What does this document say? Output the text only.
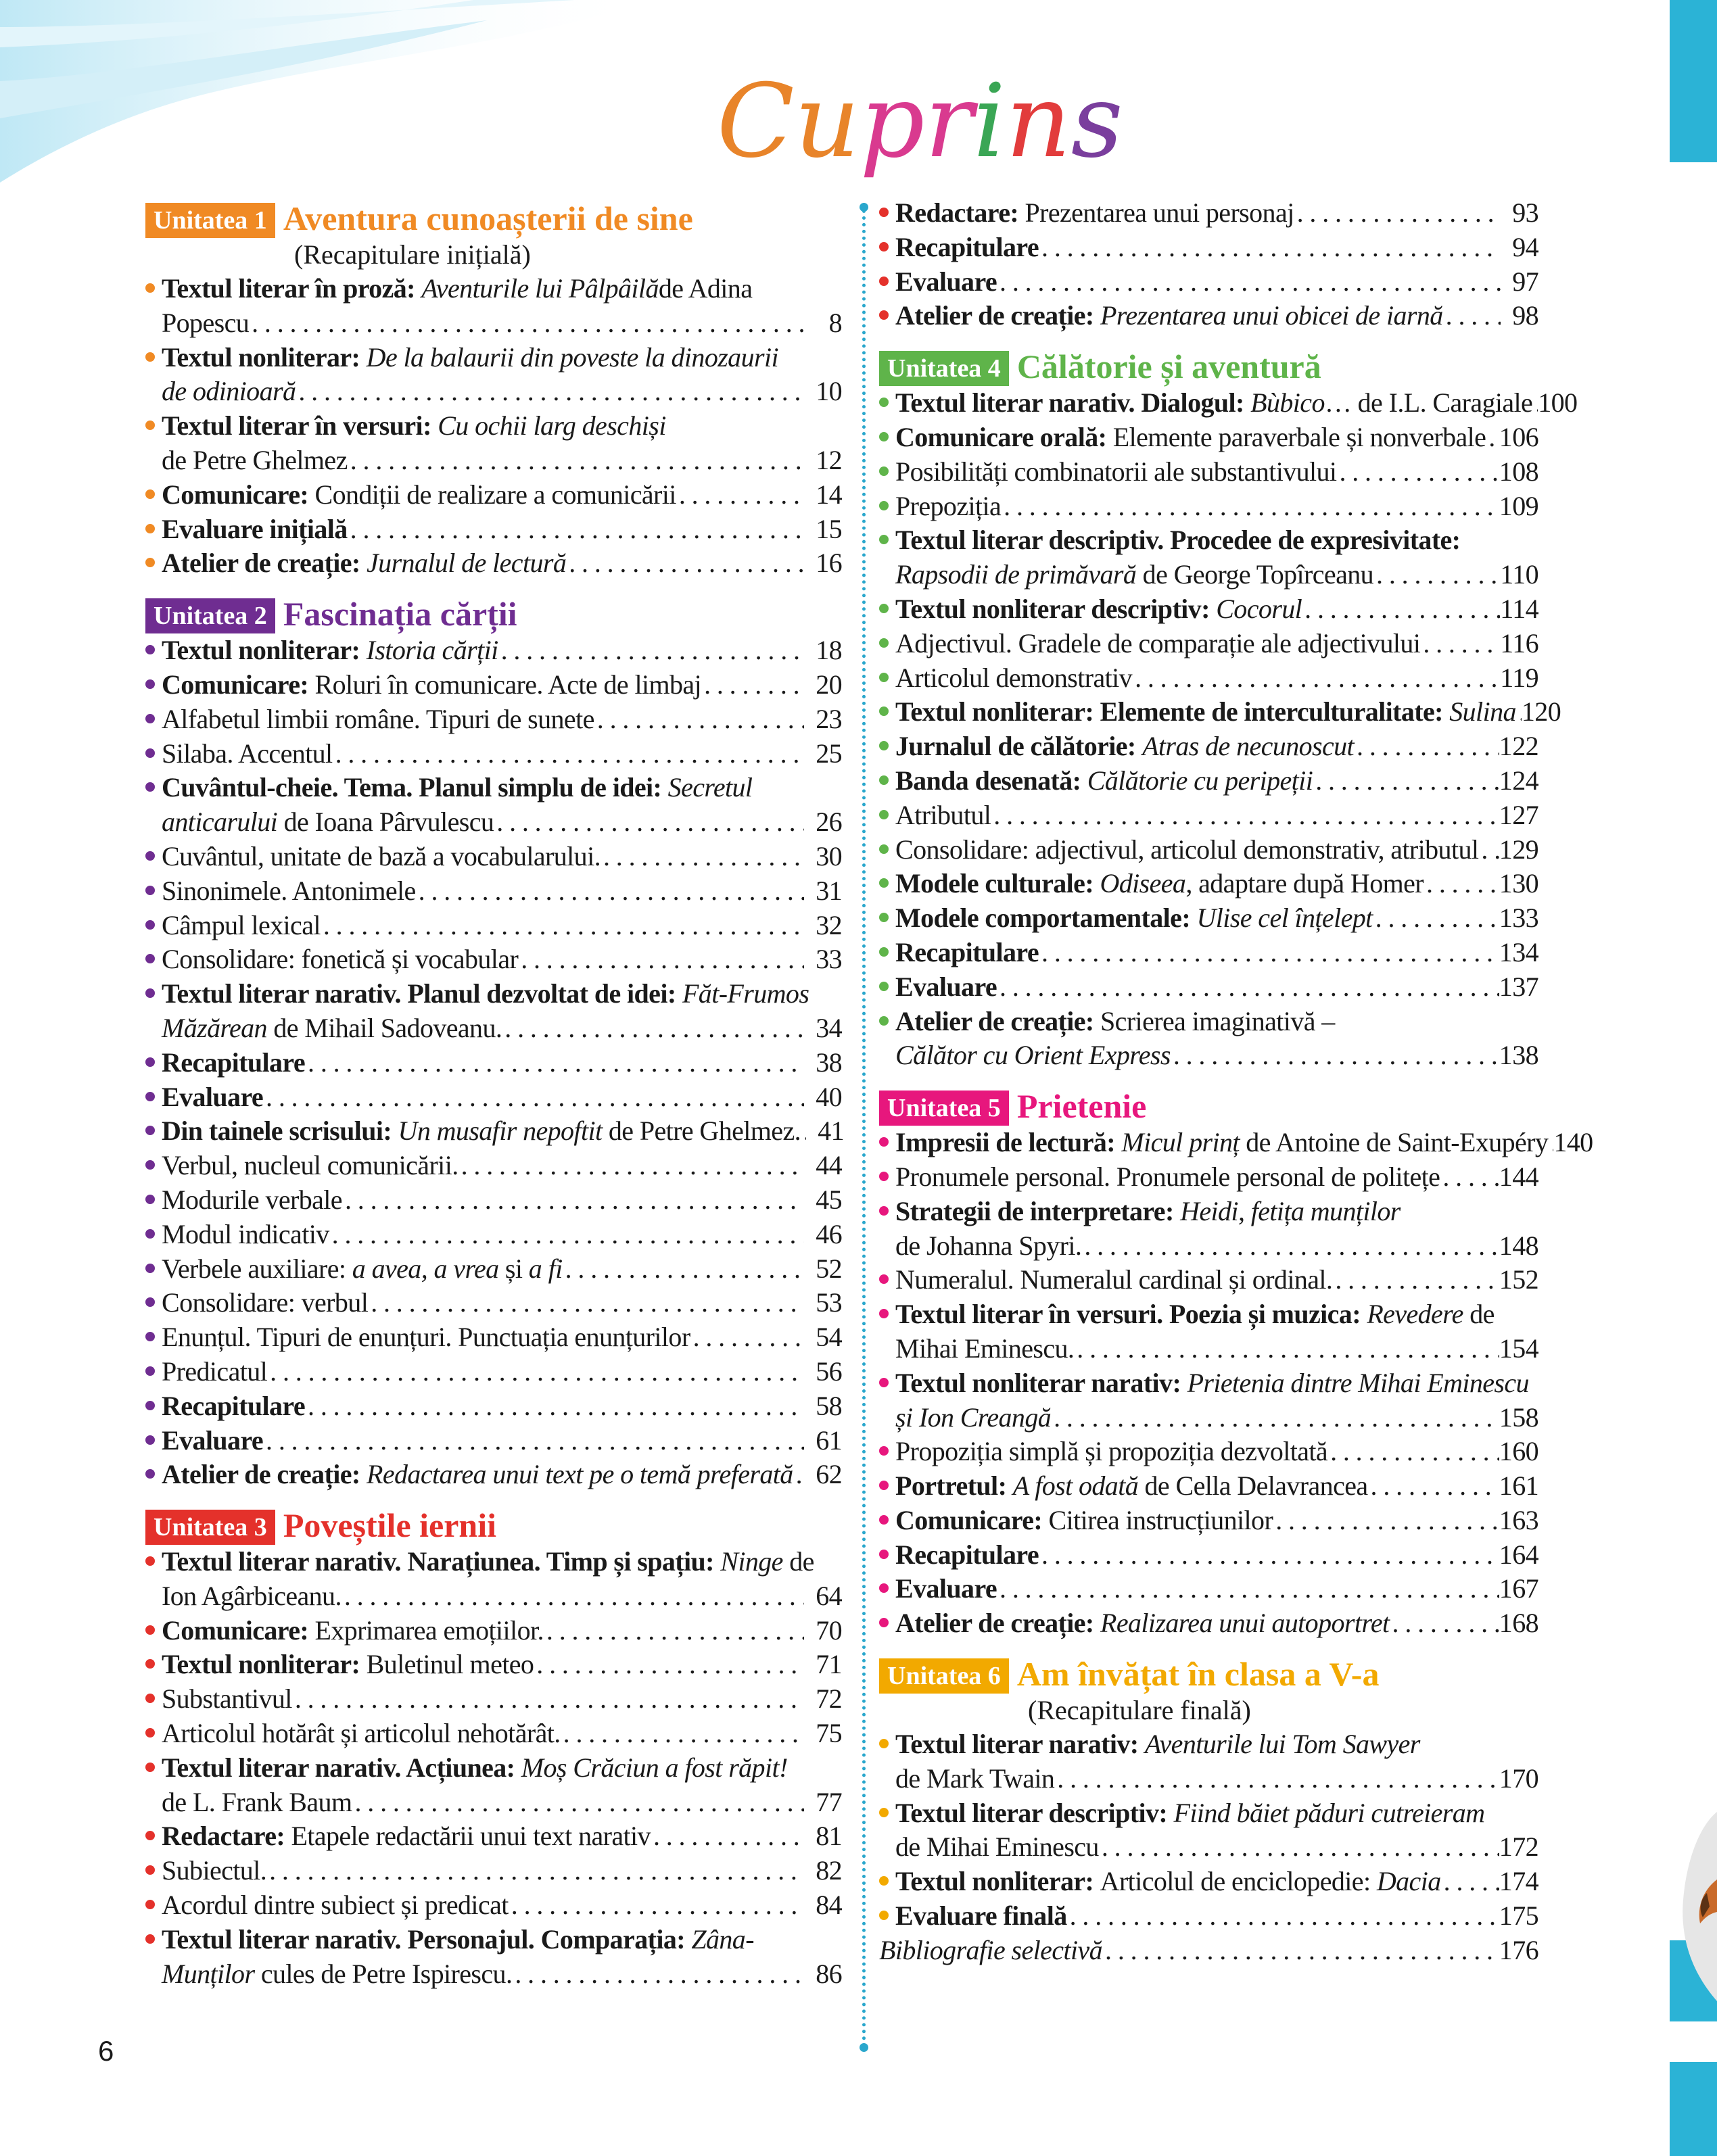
Cuprins
Unitatea 1 Aventura cunoașterii de sine
(Recapitulare inițială)
Textul literar în proză: Aventurile lui Pâlpâilăde Adina
Popescu . . .	8
Textul nonliterar: De la balaurii din poveste la dinozaurii
de odinioară . . .	10
Textul literar în versuri: Cu ochii larg deschiși
de Petre Ghelmez . . .	12
Comunicare: Condiții de realizare a comunicării . . .	14
Evaluare inițială . . .	15
Atelier de creație: Jurnalul de lectură . . .	16
Unitatea 2 Fascinația cărții
Textul nonliterar: Istoria cărții . . .	18
Comunicare: Roluri în comunicare. Acte de limbaj . . .	20
Alfabetul limbii române. Tipuri de sunete . . .	23
Silaba. Accentul . . .	25
Cuvântul-cheie. Tema. Planul simplu de idei: Secretul
anticarului de Ioana Pârvulescu . . .	26
Cuvântul, unitate de bază a vocabularului. . . .	30
Sinonimele. Antonimele . . .	31
Câmpul lexical . . .	32
Consolidare: fonetică și vocabular . . .	33
Textul literar narativ. Planul dezvoltat de idei: Făt-Frumos
Măzărean de Mihail Sadoveanu. . . .	34
Recapitulare . . .	38
Evaluare . . .	40
Din tainele scrisului: Un musafir nepoftit de Petre Ghelmez. . . . 41
Verbul, nucleul comunicării. . . .	44
Modurile verbale . . .	45
Modul indicativ . . .	46
Verbele auxiliare: a avea, a vrea și a fi . . .	52
Consolidare: verbul . . .	53
Enunțul. Tipuri de enunțuri. Punctuația enunțurilor . . .	54
Predicatul . . .	56
Recapitulare . . .	58
Evaluare . . .	61
Atelier de creație: Redactarea unui text pe o temă preferată . . . 62
Unitatea 3 Poveștile iernii
Textul literar narativ. Narațiunea. Timp și spațiu: Ninge de
Ion Agârbiceanu. . . .	64
Comunicare: Exprimarea emoțiilor. . . .	70
Textul nonliterar: Buletinul meteo . . .	71
Substantivul . . .	72
Articolul hotărât și articolul nehotărât. . . .	75
Textul literar narativ. Acțiunea: Moș Crăciun a fost răpit!
de L. Frank Baum . . .	77
Redactare: Etapele redactării unui text narativ . . .	81
Subiectul. . . .	82
Acordul dintre subiect și predicat . . .	84
Textul literar narativ. Personajul. Comparația: Zâna-
Munților cules de Petre Ispirescu. . . .	86
Redactare: Prezentarea unui personaj . . .	93
Recapitulare . . .	94
Evaluare . . .	97
Atelier de creație: Prezentarea unui obicei de iarnă . . .	98
Unitatea 4 Călătorie și aventură
Textul literar narativ. Dialogul: Bùbico… de I.L. Caragiale . . . 100
Comunicare orală: Elemente paraverbale și nonverbale . . . 106
Posibilități combinatorii ale substantivului . . .	108
Prepoziția . . .	109
Textul literar descriptiv. Procedee de expresivitate:
Rapsodii de primăvară de George Topîrceanu . . .	110
Textul nonliterar descriptiv: Cocorul . . .	114
Adjectivul. Gradele de comparație ale adjectivului . . .	116
Articolul demonstrativ . . .	119
Textul nonliterar: Elemente de interculturalitate: Sulina . . . 120
Jurnalul de călătorie: Atras de necunoscut . . .	122
Banda desenată: Călătorie cu peripeții . . .	124
Atributul . . .	127
Consolidare: adjectivul, articolul demonstrativ, atributul . . . 129
Modele culturale: Odiseea, adaptare după Homer . . .	130
Modele comportamentale: Ulise cel înțelept . . .	133
Recapitulare . . .	134
Evaluare . . .	137
Atelier de creație: Scrierea imaginativă –
Călător cu Orient Express . . .	138
Unitatea 5 Prietenie
Impresii de lectură: Micul prinț de Antoine de Saint-Exupéry . . . 140
Pronumele personal. Pronumele personal de politețe . . . 144
Strategii de interpretare: Heidi, fetița munților
de Johanna Spyri. . . .	148
Numeralul. Numeralul cardinal și ordinal. . . .	152
Textul literar în versuri. Poezia și muzica: Revedere de
Mihai Eminescu. . . .	154
Textul nonliterar narativ: Prietenia dintre Mihai Eminescu
și Ion Creangă . . .	158
Propoziția simplă și propoziția dezvoltată . . .	160
Portretul: A fost odată de Cella Delavrancea . . .	161
Comunicare: Citirea instrucțiunilor . . .	163
Recapitulare . . .	164
Evaluare . . .	167
Atelier de creație: Realizarea unui autoportret . . .	168
Unitatea 6 Am învățat în clasa a V-a
(Recapitulare finală)
Textul literar narativ: Aventurile lui Tom Sawyer
de Mark Twain . . .	170
Textul literar descriptiv: Fiind băiet păduri cutreieram
de Mihai Eminescu . . .	172
Textul nonliterar: Articolul de enciclopedie: Dacia . . . 174
Evaluare finală . . .	175
Bibliografie selectivă . . .	176
6
